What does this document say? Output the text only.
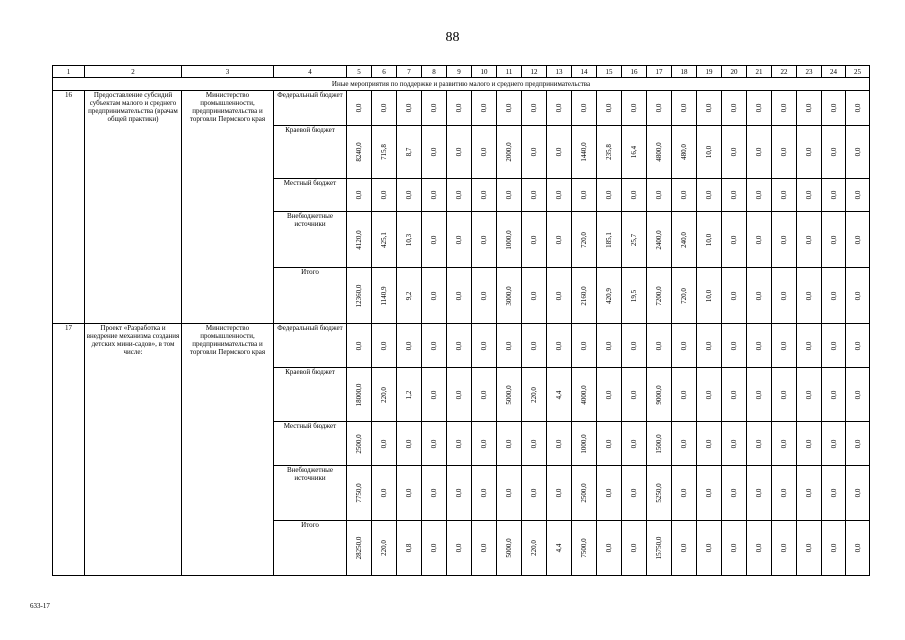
88
1	2	3	4	5	6	7	8	9	10	11	12	13	14	15	16	17	18	19	20	21	22	23	24	25
Иные мероприятия по поддержке и развитию малого и среднего предпринимательства																								
16	Предоставление субсидий субъектам малого и среднего предпринимательства (врачам общей практики)	Министерство промышленности, предпринимательства и торговли Пермского края	Федеральный бюджет	0,0	0,0	0,0	0,0	0,0	0,0	0,0	0,0	0,0	0,0	0,0	0,0	0,0	0,0	0,0	0,0	0,0	0,0	0,0	0,0	0,0

			Краевой бюджет	8240,0	715,8	8,7	0,0	0,0	0,0	2000,0	0,0	0,0	1440,0	235,8	16,4	4800,0	480,0	10,0	0,0	0,0	0,0	0,0	0,0	0,0

			Местный бюджет	0,0	0,0	0,0	0,0	0,0	0,0	0,0	0,0	0,0	0,0	0,0	0,0	0,0	0,0	0,0	0,0	0,0	0,0	0,0	0,0	0,0

			Внебюджетные источники	4120,0	425,1	10,3	0,0	0,0	0,0	1000,0	0,0	0,0	720,0	185,1	25,7	2400,0	240,0	10,0	0,0	0,0	0,0	0,0	0,0	0,0

			Итого	12360,0	1140,9	9,2	0,0	0,0	0,0	3000,0	0,0	0,0	2160,0	420,9	19,5	7200,0	720,0	10,0	0,0	0,0	0,0	0,0	0,0	0,0

17	Проект «Разработка и внедрение механизма создания детских мини-садов», в том числе:	Министерство промышленности, предпринимательства и торговли Пермского края	Федеральный бюджет	0,0	0,0	0,0	0,0	0,0	0,0	0,0	0,0	0,0	0,0	0,0	0,0	0,0	0,0	0,0	0,0	0,0	0,0	0,0	0,0	0,0

			Краевой бюджет	18000,0	220,0	1,2	0,0	0,0	0,0	5000,0	220,0	4,4	4000,0	0,0	0,0	9000,0	0,0	0,0	0,0	0,0	0,0	0,0	0,0	0,0

			Местный бюджет	2500,0	0,0	0,0	0,0	0,0	0,0	0,0	0,0	0,0	1000,0	0,0	0,0	1500,0	0,0	0,0	0,0	0,0	0,0	0,0	0,0	0,0

			Внебюджетные источники	7750,0	0,0	0,0	0,0	0,0	0,0	0,0	0,0	0,0	2500,0	0,0	0,0	5250,0	0,0	0,0	0,0	0,0	0,0	0,0	0,0	0,0

			Итого	28250,0	220,0	0,8	0,0	0,0	0,0	5000,0	220,0	4,4	7500,0	0,0	0,0	15750,0	0,0	0,0	0,0	0,0	0,0	0,0	0,0	0,0
633-17
